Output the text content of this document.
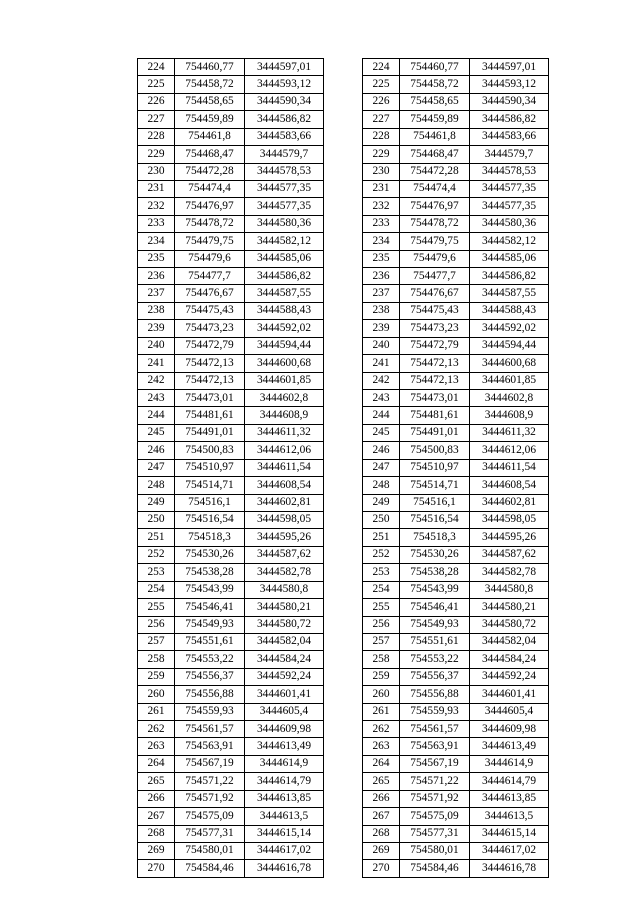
224	754460,77	3444597,01
225	754458,72	3444593,12
226	754458,65	3444590,34
227	754459,89	3444586,82
228	754461,8	3444583,66
229	754468,47	3444579,7
230	754472,28	3444578,53
231	754474,4	3444577,35
232	754476,97	3444577,35
233	754478,72	3444580,36
234	754479,75	3444582,12
235	754479,6	3444585,06
236	754477,7	3444586,82
237	754476,67	3444587,55
238	754475,43	3444588,43
239	754473,23	3444592,02
240	754472,79	3444594,44
241	754472,13	3444600,68
242	754472,13	3444601,85
243	754473,01	3444602,8
244	754481,61	3444608,9
245	754491,01	3444611,32
246	754500,83	3444612,06
247	754510,97	3444611,54
248	754514,71	3444608,54
249	754516,1	3444602,81
250	754516,54	3444598,05
251	754518,3	3444595,26
252	754530,26	3444587,62
253	754538,28	3444582,78
254	754543,99	3444580,8
255	754546,41	3444580,21
256	754549,93	3444580,72
257	754551,61	3444582,04
258	754553,22	3444584,24
259	754556,37	3444592,24
260	754556,88	3444601,41
261	754559,93	3444605,4
262	754561,57	3444609,98
263	754563,91	3444613,49
264	754567,19	3444614,9
265	754571,22	3444614,79
266	754571,92	3444613,85
267	754575,09	3444613,5
268	754577,31	3444615,14
269	754580,01	3444617,02
270	754584,46	3444616,78
224	754460,77	3444597,01
225	754458,72	3444593,12
226	754458,65	3444590,34
227	754459,89	3444586,82
228	754461,8	3444583,66
229	754468,47	3444579,7
230	754472,28	3444578,53
231	754474,4	3444577,35
232	754476,97	3444577,35
233	754478,72	3444580,36
234	754479,75	3444582,12
235	754479,6	3444585,06
236	754477,7	3444586,82
237	754476,67	3444587,55
238	754475,43	3444588,43
239	754473,23	3444592,02
240	754472,79	3444594,44
241	754472,13	3444600,68
242	754472,13	3444601,85
243	754473,01	3444602,8
244	754481,61	3444608,9
245	754491,01	3444611,32
246	754500,83	3444612,06
247	754510,97	3444611,54
248	754514,71	3444608,54
249	754516,1	3444602,81
250	754516,54	3444598,05
251	754518,3	3444595,26
252	754530,26	3444587,62
253	754538,28	3444582,78
254	754543,99	3444580,8
255	754546,41	3444580,21
256	754549,93	3444580,72
257	754551,61	3444582,04
258	754553,22	3444584,24
259	754556,37	3444592,24
260	754556,88	3444601,41
261	754559,93	3444605,4
262	754561,57	3444609,98
263	754563,91	3444613,49
264	754567,19	3444614,9
265	754571,22	3444614,79
266	754571,92	3444613,85
267	754575,09	3444613,5
268	754577,31	3444615,14
269	754580,01	3444617,02
270	754584,46	3444616,78
